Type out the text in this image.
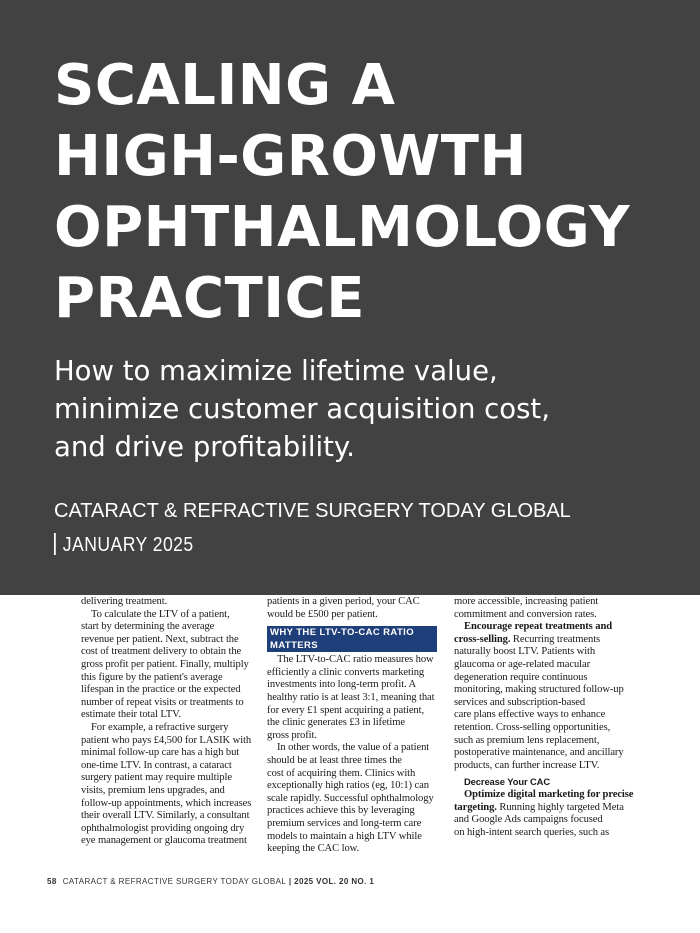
SCALING A
HIGH-GROWTH
OPHTHALMOLOGY
PRACTICE
How to maximize lifetime value,
minimize customer acquisition cost,
and drive profitability.
CATARACT & REFRACTIVE SURGERY TODAY GLOBAL
JANUARY 2025
delivering treatment.
To calculate the LTV of a patient,
start by determining the average
revenue per patient. Next, subtract the
cost of treatment delivery to obtain the
gross profit per patient. Finally, multiply
this figure by the patient's average
lifespan in the practice or the expected
number of repeat visits or treatments to
estimate their total LTV.
For example, a refractive surgery
patient who pays £4,500 for LASIK with
minimal follow-up care has a high but
one-time LTV. In contrast, a cataract
surgery patient may require multiple
visits, premium lens upgrades, and
follow-up appointments, which increases
their overall LTV. Similarly, a consultant
ophthalmologist providing ongoing dry
eye management or glaucoma treatment
patients in a given period, your CAC
would be £500 per patient.
WHY THE LTV-TO-CAC RATIO MATTERS
The LTV-to-CAC ratio measures how
efficiently a clinic converts marketing
investments into long-term profit. A
healthy ratio is at least 3:1, meaning that
for every £1 spent acquiring a patient,
the clinic generates £3 in lifetime
gross profit.
In other words, the value of a patient
should be at least three times the
cost of acquiring them. Clinics with
exceptionally high ratios (eg, 10:1) can
scale rapidly. Successful ophthalmology
practices achieve this by leveraging
premium services and long-term care
models to maintain a high LTV while
keeping the CAC low.
more accessible, increasing patient
commitment and conversion rates.
Encourage repeat treatments and
cross-selling. Recurring treatments
naturally boost LTV. Patients with
glaucoma or age-related macular
degeneration require continuous
monitoring, making structured follow-up
services and subscription-based
care plans effective ways to enhance
retention. Cross-selling opportunities,
such as premium lens replacement,
postoperative maintenance, and ancillary
products, can further increase LTV.
Decrease Your CAC
Optimize digital marketing for precise
targeting. Running highly targeted Meta
and Google Ads campaigns focused
on high-intent search queries, such as
58 CATARACT & REFRACTIVE SURGERY TODAY GLOBAL | 2025 VOL. 20 NO. 1
